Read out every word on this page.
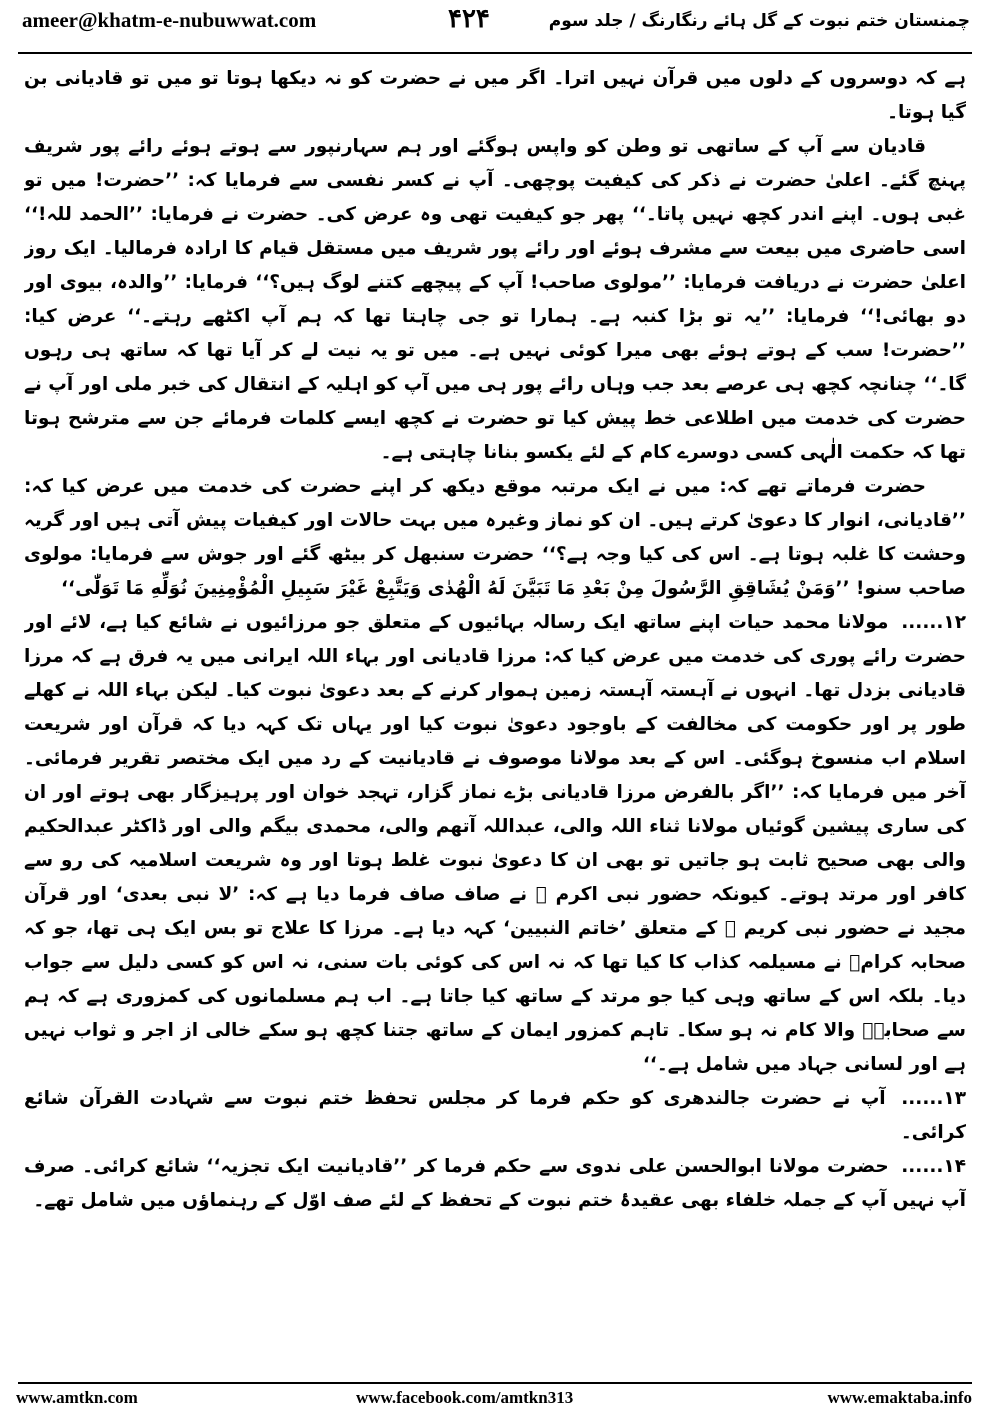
ameer@khatm-e-nubuwwat.com	۴۲۴	چمنستان ختم نبوت کے گل ہائے رنگارنگ / جلد سوم

ہے کہ دوسروں کے دلوں میں قرآن نہیں اترا۔ اگر میں نے حضرت کو نہ دیکھا ہوتا تو میں تو قادیانی بن گیا ہوتا۔

قادیان سے آپ کے ساتھی تو وطن کو واپس ہوگئے اور ہم سہارنپور سے ہوتے ہوئے رائے پور شریف پہنچ گئے۔ اعلیٰ حضرت نے ذکر کی کیفیت پوچھی۔ آپ نے کسر نفسی سے فرمایا کہ: ’’حضرت! میں تو غبی ہوں۔ اپنے اندر کچھ نہیں پاتا۔‘‘ پھر جو کیفیت تھی وہ عرض کی۔ حضرت نے فرمایا: ’’الحمد للہ!‘‘ اسی حاضری میں بیعت سے مشرف ہوئے اور رائے پور شریف میں مستقل قیام کا ارادہ فرمالیا۔ ایک روز اعلیٰ حضرت نے دریافت فرمایا: ’’مولوی صاحب! آپ کے پیچھے کتنے لوگ ہیں؟‘‘ فرمایا: ’’والدہ، بیوی اور دو بھائی!‘‘ فرمایا: ’’یہ تو بڑا کنبہ ہے۔ ہمارا تو جی چاہتا تھا کہ ہم آپ اکٹھے رہتے۔‘‘ عرض کیا: ’’حضرت! سب کے ہوتے ہوئے بھی میرا کوئی نہیں ہے۔ میں تو یہ نیت لے کر آیا تھا کہ ساتھ ہی رہوں گا۔‘‘ چنانچہ کچھ ہی عرصے بعد جب وہاں رائے پور ہی میں آپ کو اہلیہ کے انتقال کی خبر ملی اور آپ نے حضرت کی خدمت میں اطلاعی خط پیش کیا تو حضرت نے کچھ ایسے کلمات فرمائے جن سے مترشح ہوتا تھا کہ حکمت الٰہی کسی دوسرے کام کے لئے یکسو بنانا چاہتی ہے۔

حضرت فرماتے تھے کہ: میں نے ایک مرتبہ موقع دیکھ کر اپنے حضرت کی خدمت میں عرض کیا کہ: ’’قادیانی، انوار کا دعویٰ کرتے ہیں۔ ان کو نماز وغیرہ میں بہت حالات اور کیفیات پیش آتی ہیں اور گریہ وحشت کا غلبہ ہوتا ہے۔ اس کی کیا وجہ ہے؟‘‘ حضرت سنبھل کر بیٹھ گئے اور جوش سے فرمایا: مولوی صاحب سنو! ’’وَمَنْ يُشَاقِقِ الرَّسُولَ مِنْ بَعْدِ مَا تَبَيَّنَ لَهُ الْهُدٰى وَيَتَّبِعْ غَيْرَ سَبِيلِ الْمُؤْمِنِينَ نُوَلِّهِ مَا تَوَلّٰى‘‘

۱۲...... مولانا محمد حیات اپنے ساتھ ایک رسالہ بہائیوں کے متعلق جو مرزائیوں نے شائع کیا ہے، لائے اور حضرت رائے پوری کی خدمت میں عرض کیا کہ: مرزا قادیانی اور بہاء اللہ ایرانی میں یہ فرق ہے کہ مرزا قادیانی بزدل تھا۔ انہوں نے آہستہ آہستہ زمین ہموار کرنے کے بعد دعویٰ نبوت کیا۔ لیکن بہاء اللہ نے کھلے طور پر اور حکومت کی مخالفت کے باوجود دعویٰ نبوت کیا اور یہاں تک کہہ دیا کہ قرآن اور شریعت اسلام اب منسوخ ہوگئی۔ اس کے بعد مولانا موصوف نے قادیانیت کے رد میں ایک مختصر تقریر فرمائی۔ آخر میں فرمایا کہ: ’’اگر بالفرض مرزا قادیانی بڑے نماز گزار، تہجد خوان اور پرہیزگار بھی ہوتے اور ان کی ساری پیشین گوئیاں مولانا ثناء اللہ والی، عبداللہ آتھم والی، محمدی بیگم والی اور ڈاکٹر عبدالحکیم والی بھی صحیح ثابت ہو جاتیں تو بھی ان کا دعویٰ نبوت غلط ہوتا اور وہ شریعت اسلامیہ کی رو سے کافر اور مرتد ہوتے۔ کیونکہ حضور نبی اکرم ﷺ نے صاف صاف فرما دیا ہے کہ: ’لا نبی بعدی‘ اور قرآن مجید نے حضور نبی کریم ﷺ کے متعلق ’خاتم النبیین‘ کہہ دیا ہے۔ مرزا کا علاج تو بس ایک ہی تھا، جو کہ صحابہ کرامؓ نے مسیلمہ کذاب کا کیا تھا کہ نہ اس کی کوئی بات سنی، نہ اس کو کسی دلیل سے جواب دیا۔ بلکہ اس کے ساتھ وہی کیا جو مرتد کے ساتھ کیا جاتا ہے۔ اب ہم مسلمانوں کی کمزوری ہے کہ ہم سے صحابہؓ والا کام نہ ہو سکا۔ تاہم کمزور ایمان کے ساتھ جتنا کچھ ہو سکے خالی از اجر و ثواب نہیں ہے اور لسانی جہاد میں شامل ہے۔‘‘

۱۳...... آپ نے حضرت جالندھری کو حکم فرما کر مجلس تحفظ ختم نبوت سے شہادت القرآن شائع کرائی۔

۱۴...... حضرت مولانا ابوالحسن علی ندوی سے حکم فرما کر ’’قادیانیت ایک تجزیہ‘‘ شائع کرائی۔ صرف آپ نہیں آپ کے جملہ خلفاء بھی عقیدۂ ختم نبوت کے تحفظ کے لئے صف اوّل کے رہنماؤں میں شامل تھے۔

www.amtkn.com	www.facebook.com/amtkn313	www.emaktaba.info
